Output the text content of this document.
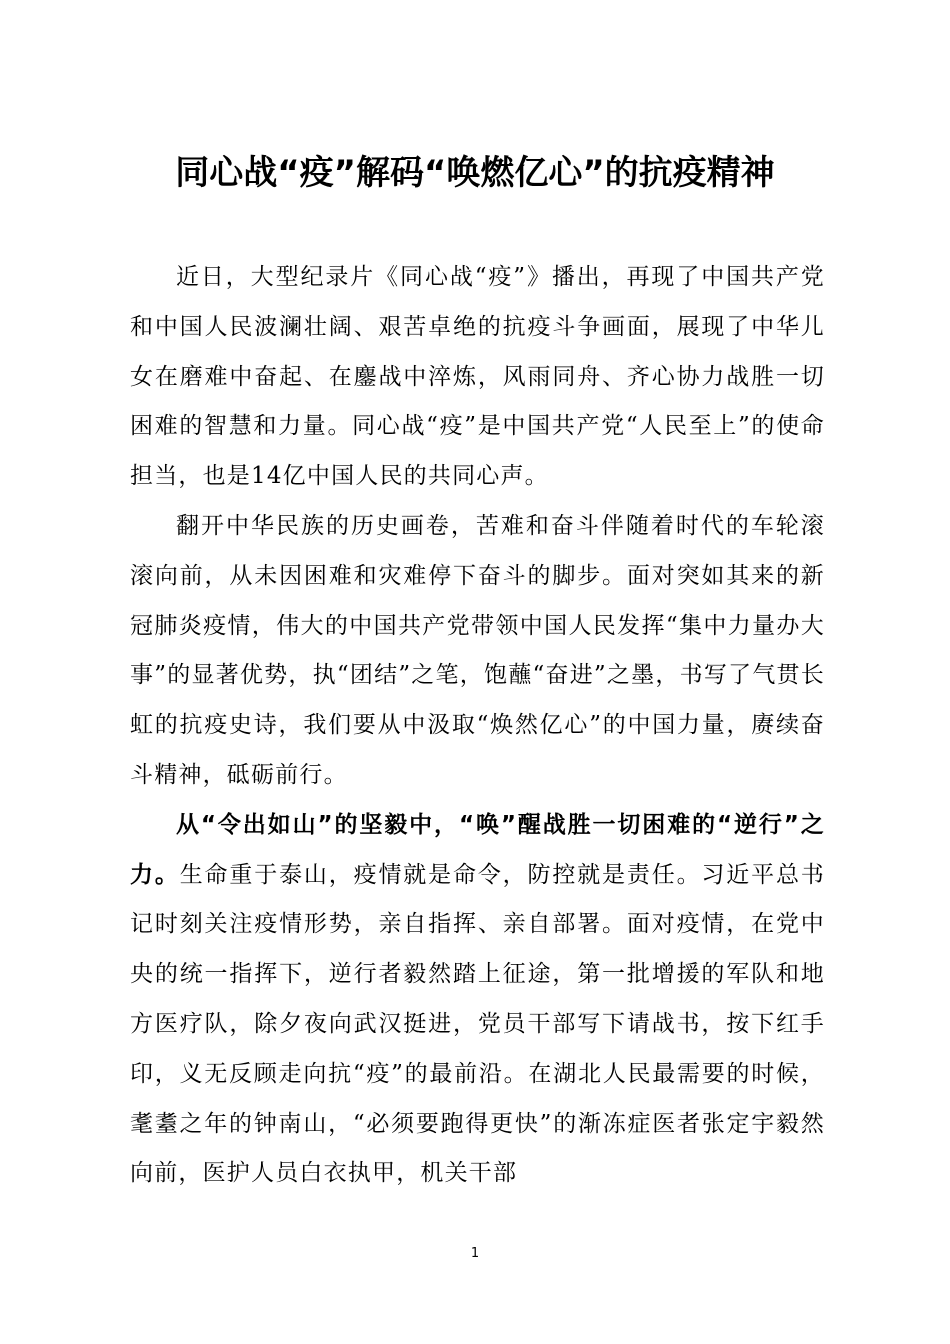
同心战“疫”解码“唤燃亿心”的抗疫精神

近日，大型纪录片《同心战“疫”》播出，再现了中国共产党和中国人民波澜壮阔、艰苦卓绝的抗疫斗争画面，展现了中华儿女在磨难中奋起、在鏖战中淬炼，风雨同舟、齐心协力战胜一切困难的智慧和力量。同心战“疫”是中国共产党“人民至上”的使命担当，也是14亿中国人民的共同心声。

翻开中华民族的历史画卷，苦难和奋斗伴随着时代的车轮滚滚向前，从未因困难和灾难停下奋斗的脚步。面对突如其来的新冠肺炎疫情，伟大的中国共产党带领中国人民发挥“集中力量办大事”的显著优势，执“团结”之笔，饱蘸“奋进”之墨，书写了气贯长虹的抗疫史诗，我们要从中汲取“焕然亿心”的中国力量，赓续奋斗精神，砥砺前行。

从“令出如山”的坚毅中，“唤”醒战胜一切困难的“逆行”之力。生命重于泰山，疫情就是命令，防控就是责任。习近平总书记时刻关注疫情形势，亲自指挥、亲自部署。面对疫情，在党中央的统一指挥下，逆行者毅然踏上征途，第一批增援的军队和地方医疗队，除夕夜向武汉挺进，党员干部写下请战书，按下红手印，义无反顾走向抗“疫”的最前沿。在湖北人民最需要的时候，耄耋之年的钟南山，“必须要跑得更快”的渐冻症医者张定宇毅然向前，医护人员白衣执甲，机关干部

1
